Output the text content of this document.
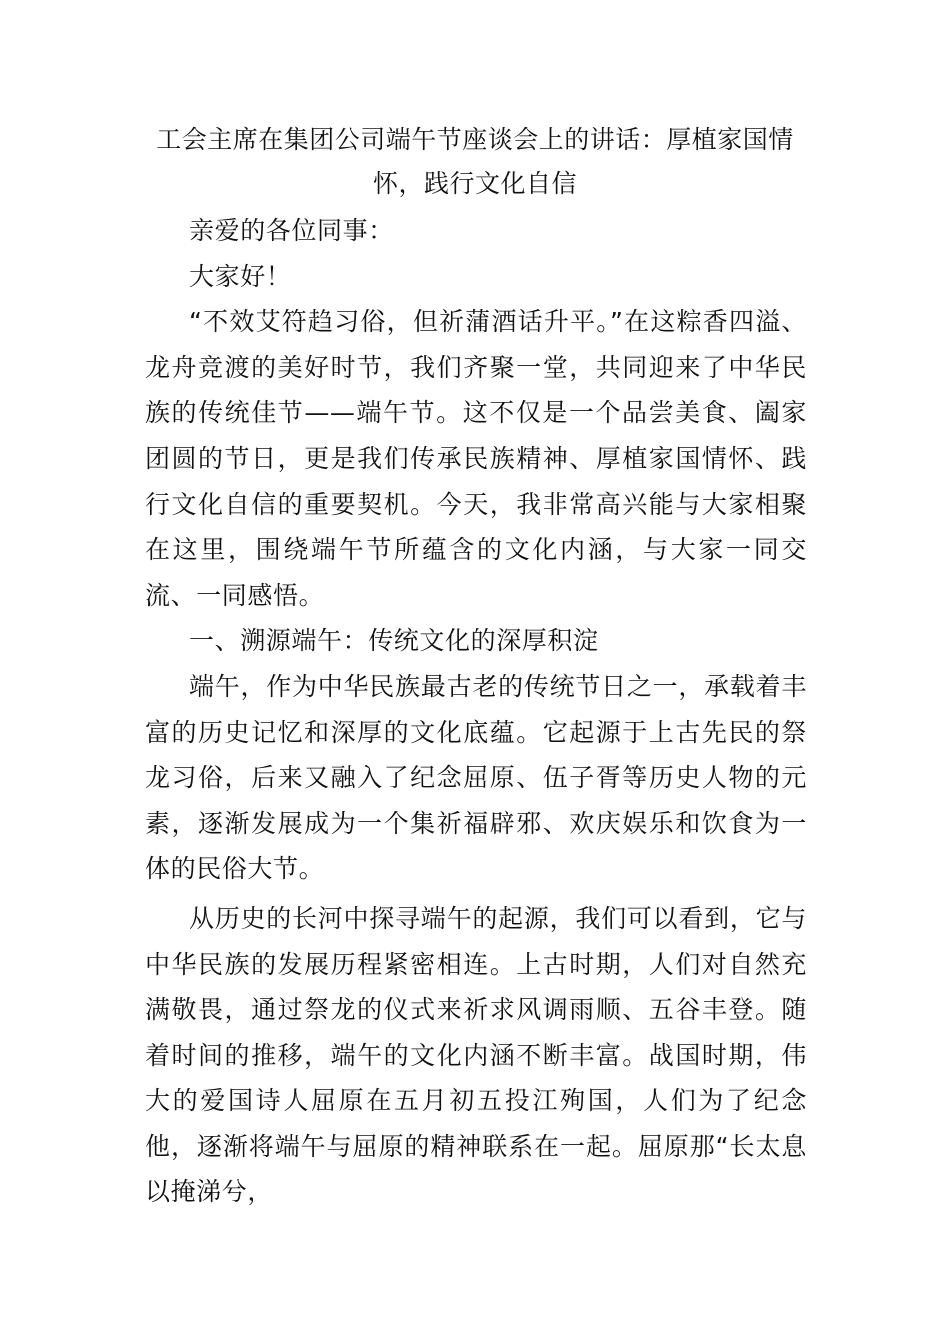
工会主席在集团公司端午节座谈会上的讲话：厚植家国情怀，践行文化自信

亲爱的各位同事：

大家好！

“不效艾符趋习俗，但祈蒲酒话升平。”在这粽香四溢、龙舟竞渡的美好时节，我们齐聚一堂，共同迎来了中华民族的传统佳节——端午节。这不仅是一个品尝美食、阖家团圆的节日，更是我们传承民族精神、厚植家国情怀、践行文化自信的重要契机。今天，我非常高兴能与大家相聚在这里，围绕端午节所蕴含的文化内涵，与大家一同交流、一同感悟。

一、溯源端午：传统文化的深厚积淀

端午，作为中华民族最古老的传统节日之一，承载着丰富的历史记忆和深厚的文化底蕴。它起源于上古先民的祭龙习俗，后来又融入了纪念屈原、伍子胥等历史人物的元素，逐渐发展成为一个集祈福辟邪、欢庆娱乐和饮食为一体的民俗大节。

从历史的长河中探寻端午的起源，我们可以看到，它与中华民族的发展历程紧密相连。上古时期，人们对自然充满敬畏，通过祭龙的仪式来祈求风调雨顺、五谷丰登。随着时间的推移，端午的文化内涵不断丰富。战国时期，伟大的爱国诗人屈原在五月初五投江殉国，人们为了纪念他，逐渐将端午与屈原的精神联系在一起。屈原那“长太息以掩涕兮，
